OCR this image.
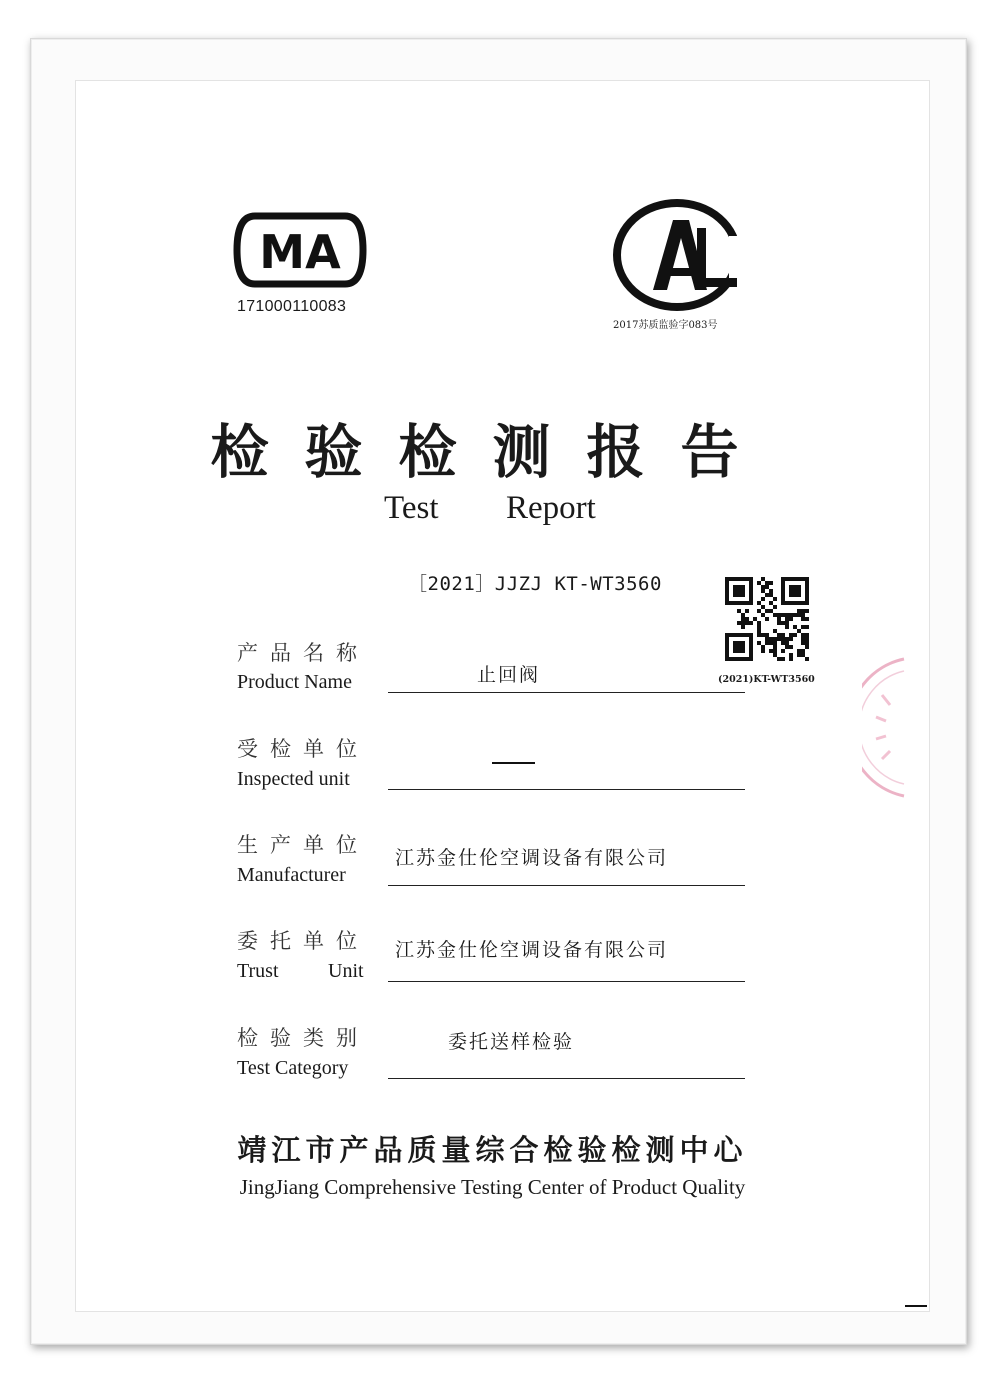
MA
171000110083
2017苏质监验字083号
检验检测报告
Test Report
［2021］JJZJ KT-WT3560
(2021)KT-WT3560
产品名称
Product Name	止回阀
受检单位
Inspected unit
生产单位
Manufacturer
江苏金仕伦空调设备有限公司
委托单位
Trust Unit
江苏金仕伦空调设备有限公司
检验类别
Test Category
委托送样检验
靖江市产品质量综合检验检测中心
JingJiang Comprehensive Testing Center of Product Quality
